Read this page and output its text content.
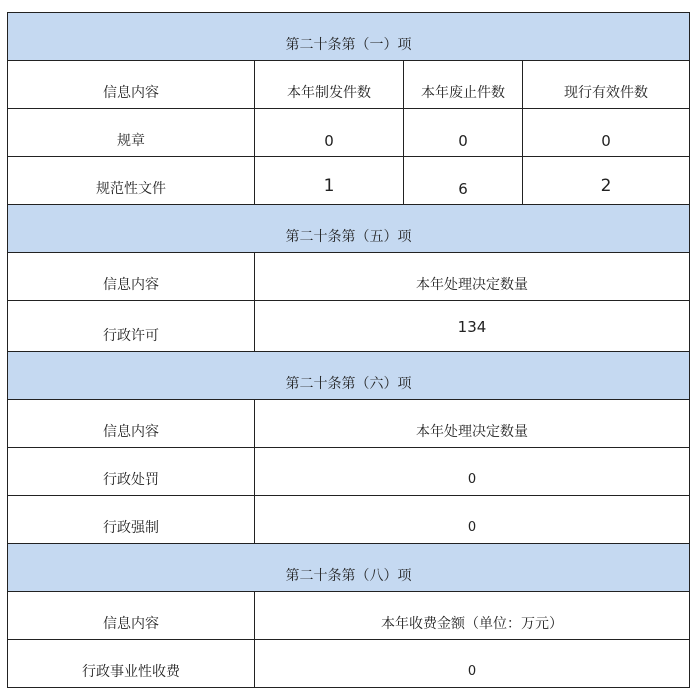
第二十条第（一）项			
信息内容	本年制发件数	本年废止件数	现行有效件数
规章	0	0	0
规范性文件	1	6	2
第二十条第（五）项			
信息内容	本年处理决定数量		
行政许可	134		
第二十条第（六）项			
信息内容	本年处理决定数量		
行政处罚	0		
行政强制	0		
第二十条第（八）项			
信息内容	本年收费金额（单位：万元）		
行政事业性收费	0		
